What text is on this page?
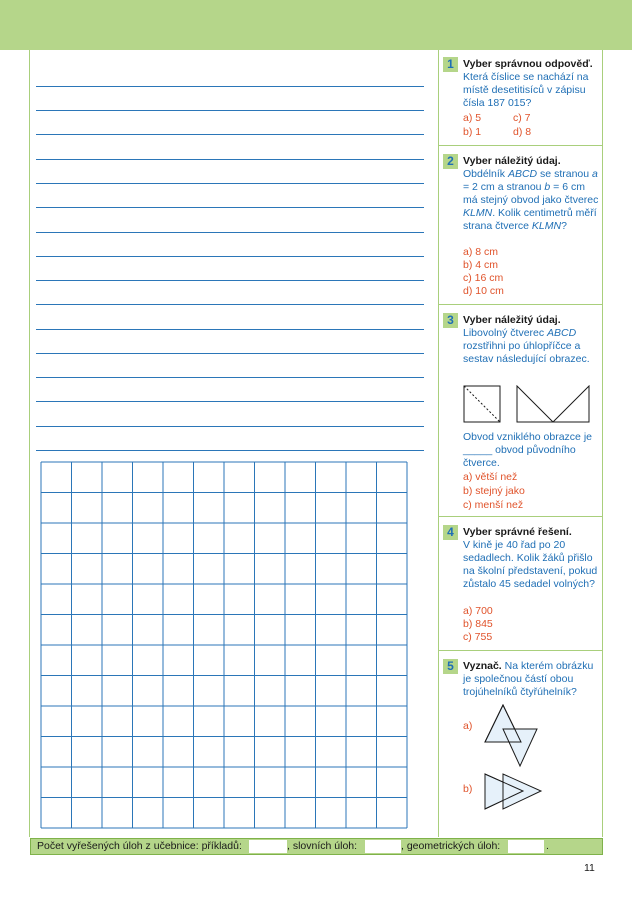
1 Vyber správnou odpověď.
Která číslice se nachází na místě desetitisíců v zápisu čísla 187 015?
a) 5	c) 7
b) 1	d) 8
2 Vyber náležitý údaj.
Obdélník ABCD se stranou a = 2 cm a stranou b = 6 cm má stejný obvod jako čtverec KLMN. Kolik centimetrů měří strana čtverce KLMN?
a) 8 cm
b) 4 cm
c) 16 cm
d) 10 cm
3 Vyber náležitý údaj.
Libovolný čtverec ABCD rozstřihni po úhlopříčce a sestav následující obrazec.
Obvod vzniklého obrazce je _____ obvod původního čtverce.
a) větší než
b) stejný jako
c) menší než
4 Vyber správné řešení.
V kině je 40 řad po 20 sedadlech. Kolik žáků přišlo na školní představení, pokud zůstalo 45 sedadel volných?
a) 700
b) 845
c) 755
5 Vyznač. Na kterém obrázku je společnou částí obou trojúhelníků čtyřúhelník?
a)
b)
Počet vyřešených úloh z učebnice: příkladů:	, slovních úloh:	, geometrických úloh:	.
11
